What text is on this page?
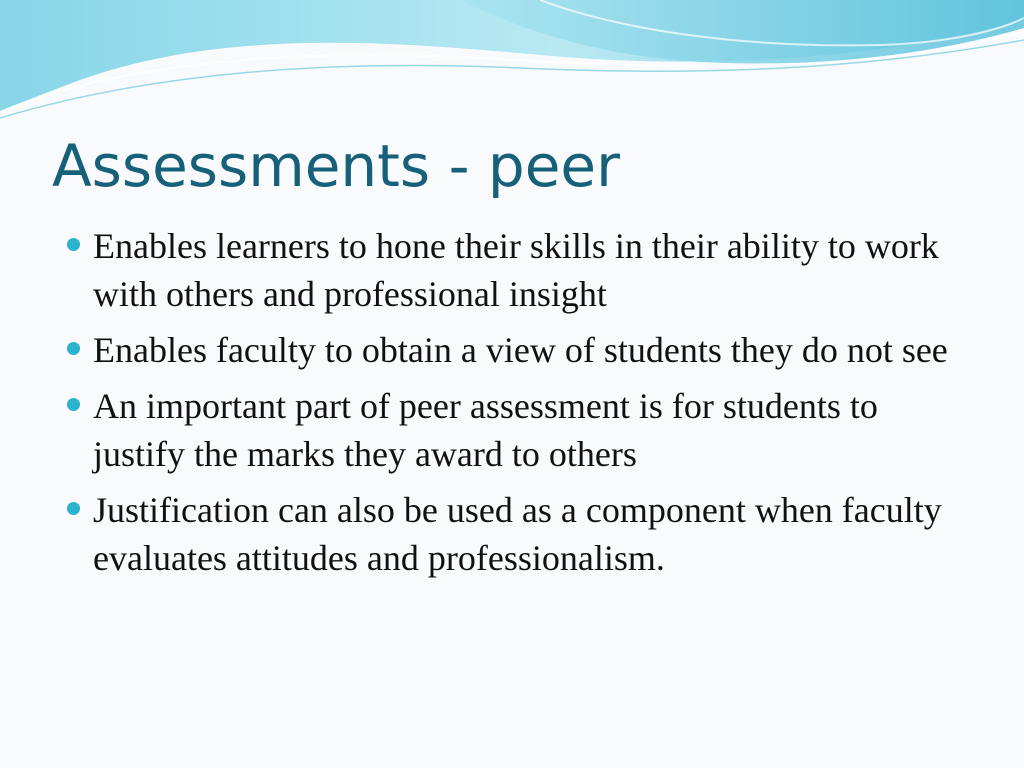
Assessments - peer
Enables learners to hone their skills in their ability to work with others and professional insight
Enables faculty to obtain a view of students they do not see
An important part of peer assessment is for students to justify the marks they award to others
Justification can also be used as a component when faculty evaluates attitudes and professionalism.
